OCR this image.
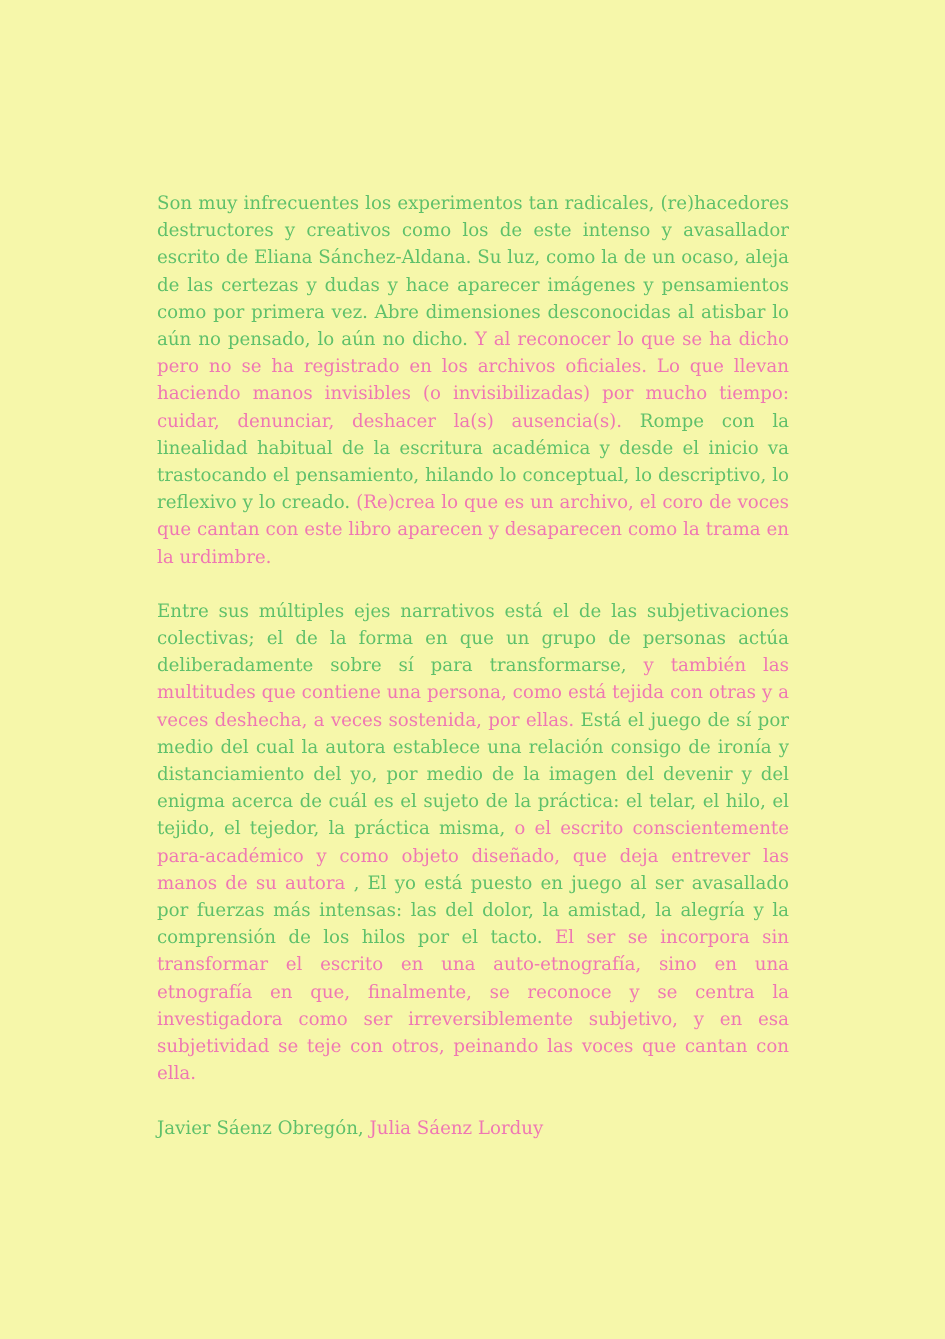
Son muy infrecuentes los experimentos tan radicales, (re)hacedores destructores y creativos como los de este intenso y avasallador escrito de Eliana Sánchez-Aldana. Su luz, como la de un ocaso, aleja de las certezas y dudas y hace aparecer imágenes y pensamientos como por primera vez. Abre dimensiones desconocidas al atisbar lo aún no pensado, lo aún no dicho. Y al reconocer lo que se ha dicho pero no se ha registrado en los archivos oficiales. Lo que llevan haciendo manos invisibles (o invisibilizadas) por mucho tiempo: cuidar, denunciar, deshacer la(s) ausencia(s). Rompe con la linealidad habitual de la escritura académica y desde el inicio va trastocando el pensamiento, hilando lo conceptual, lo descriptivo, lo reflexivo y lo creado. (Re)crea lo que es un archivo, el coro de voces que cantan con este libro aparecen y desaparecen como la trama en la urdimbre.

Entre sus múltiples ejes narrativos está el de las subjetivaciones colectivas; el de la forma en que un grupo de personas actúa deliberadamente sobre sí para transformarse, y también las multitudes que contiene una persona, como está tejida con otras y a veces deshecha, a veces sostenida, por ellas. Está el juego de sí por medio del cual la autora establece una relación consigo de ironía y distanciamiento del yo, por medio de la imagen del devenir y del enigma acerca de cuál es el sujeto de la práctica: el telar, el hilo, el tejido, el tejedor, la práctica misma, o el escrito conscientemente para-académico y como objeto diseñado, que deja entrever las manos de su autora , El yo está puesto en juego al ser avasallado por fuerzas más intensas: las del dolor, la amistad, la alegría y la comprensión de los hilos por el tacto. El ser se incorpora sin transformar el escrito en una auto-etnografía, sino en una etnografía en que, finalmente, se reconoce y se centra la investigadora como ser irreversiblemente subjetivo, y en esa subjetividad se teje con otros, peinando las voces que cantan con ella.

Javier Sáenz Obregón, Julia Sáenz Lorduy
